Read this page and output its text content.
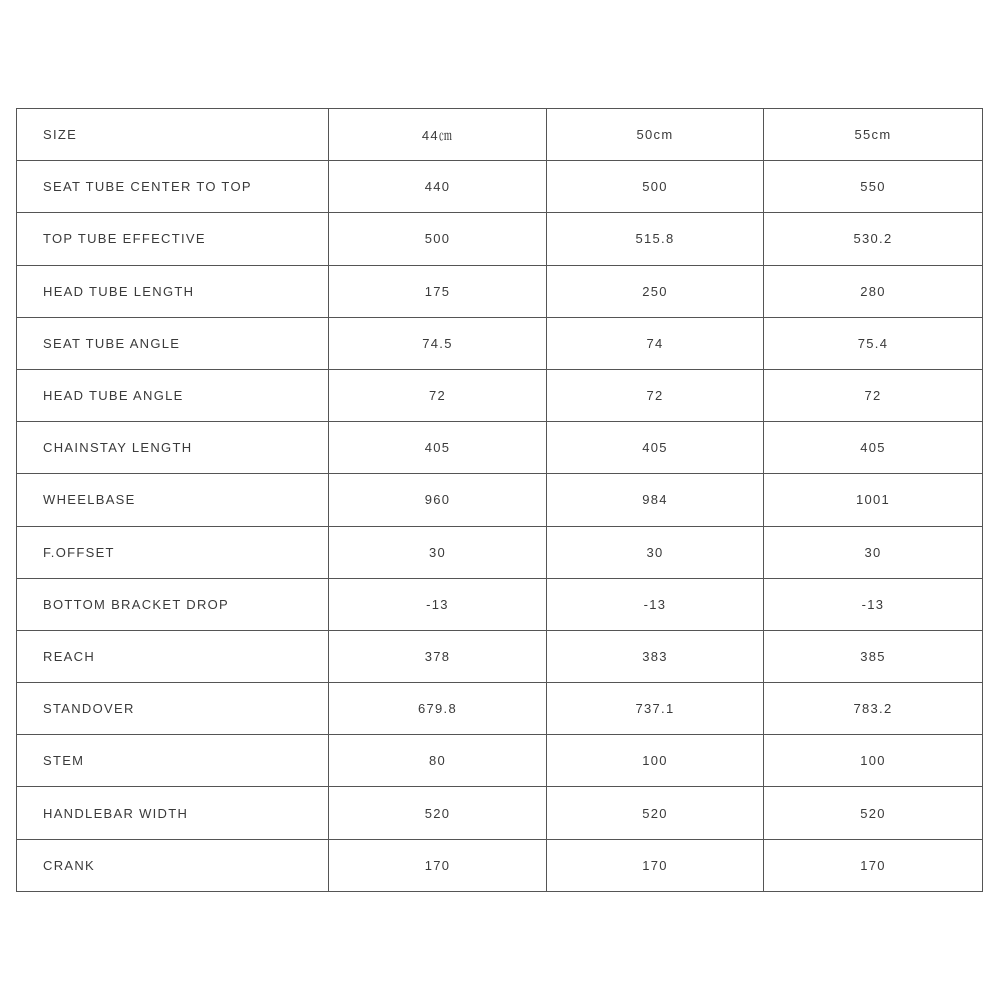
SIZE	44㎝	50cm	55cm
SEAT TUBE CENTER TO TOP	440	500	550
TOP TUBE EFFECTIVE	500	515.8	530.2
HEAD TUBE LENGTH	175	250	280
SEAT TUBE ANGLE	74.5	74	75.4
HEAD TUBE ANGLE	72	72	72
CHAINSTAY LENGTH	405	405	405
WHEELBASE	960	984	1001
F.OFFSET	30	30	30
BOTTOM BRACKET DROP	-13	-13	-13
REACH	378	383	385
STANDOVER	679.8	737.1	783.2
STEM	80	100	100
HANDLEBAR WIDTH	520	520	520
CRANK	170	170	170
